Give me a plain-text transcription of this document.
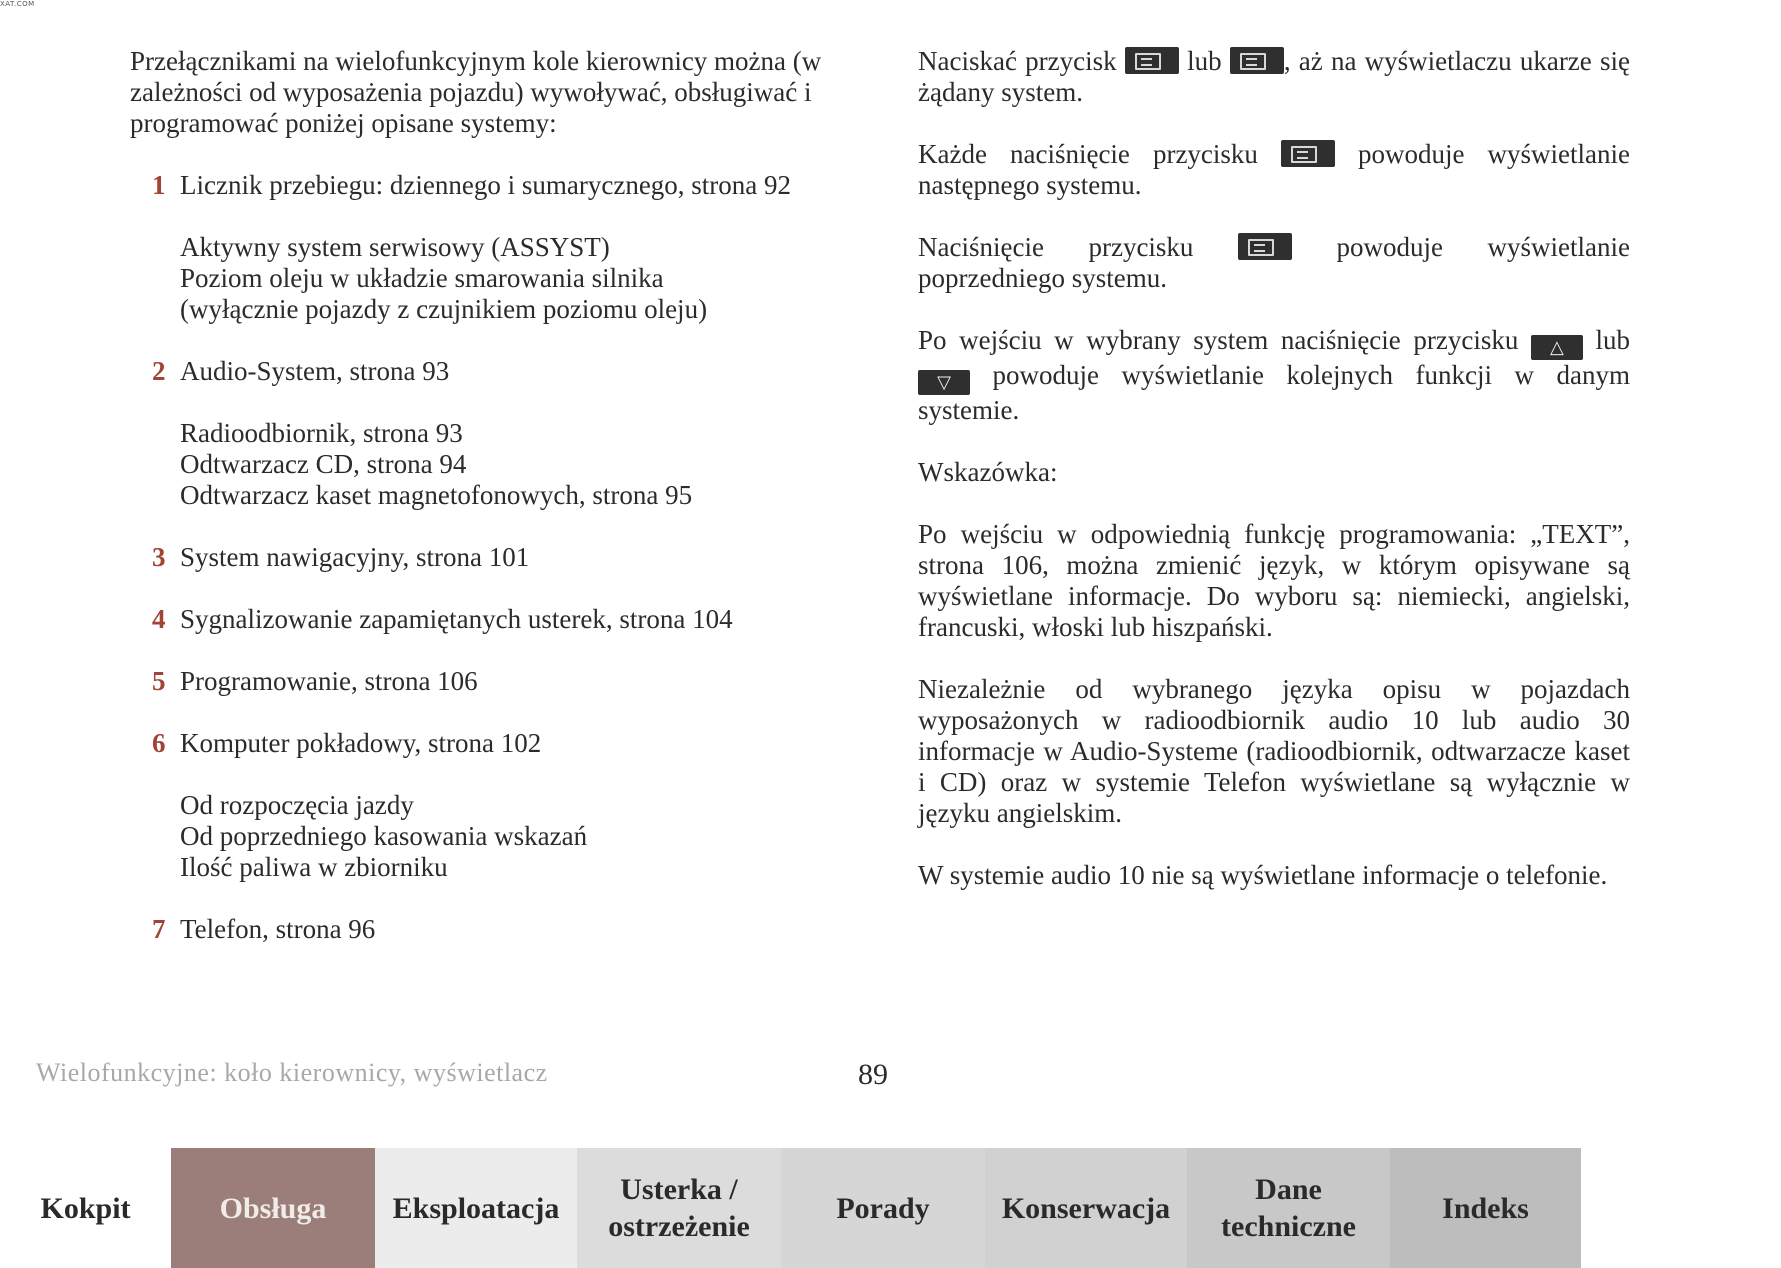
XAT.COM

Przełącznikami na wielofunkcyjnym kole kierownicy można (w zależności od wyposażenia pojazdu) wywoływać, obsługiwać i programować poniżej opisane systemy:

1 Licznik przebiegu: dziennego i sumarycznego, strona 92
Aktywny system serwisowy (ASSYST)
Poziom oleju w układzie smarowania silnika
(wyłącznie pojazdy z czujnikiem poziomu oleju)
2 Audio-System, strona 93
Radioodbiornik, strona 93
Odtwarzacz CD, strona 94
Odtwarzacz kaset magnetofonowych, strona 95
3 System nawigacyjny, strona 101
4 Sygnalizowanie zapamiętanych usterek, strona 104
5 Programowanie, strona 106
6 Komputer pokładowy, strona 102
Od rozpoczęcia jazdy
Od poprzedniego kasowania wskazań
Ilość paliwa w zbiorniku
7 Telefon, strona 96

Naciskać przycisk	lub , aż na wyświetlaczu ukarze się żądany system.

Każde naciśnięcie przycisku	powoduje wyświetlanie następnego systemu.

Naciśnięcie przycisku	powoduje wyświetlanie poprzedniego systemu.

Po wejściu w wybrany system naciśnięcie przycisku △ lub ▽ powoduje wyświetlanie kolejnych funkcji w danym systemie.

Wskazówka:

Po wejściu w odpowiednią funkcję programowania: „TEXT”, strona 106, można zmienić język, w którym opisywane są wyświetlane informacje. Do wyboru są: niemiecki, angielski, francuski, włoski lub hiszpański.

Niezależnie od wybranego języka opisu w pojazdach wyposażonych w radioodbiornik audio 10 lub audio 30 informacje w Audio-Systeme (radioodbiornik, odtwarzacze kaset i CD) oraz w systemie Telefon wyświetlane są wyłącznie w języku angielskim.

W systemie audio 10 nie są wyświetlane informacje o telefonie.

Wielofunkcyjne: koło kierownicy, wyświetlacz	89
Kokpit	Obsługa Eksploatacja
Usterka /
ostrzeżenie
Porady Konserwacja
Dane
techniczne
Indeks
